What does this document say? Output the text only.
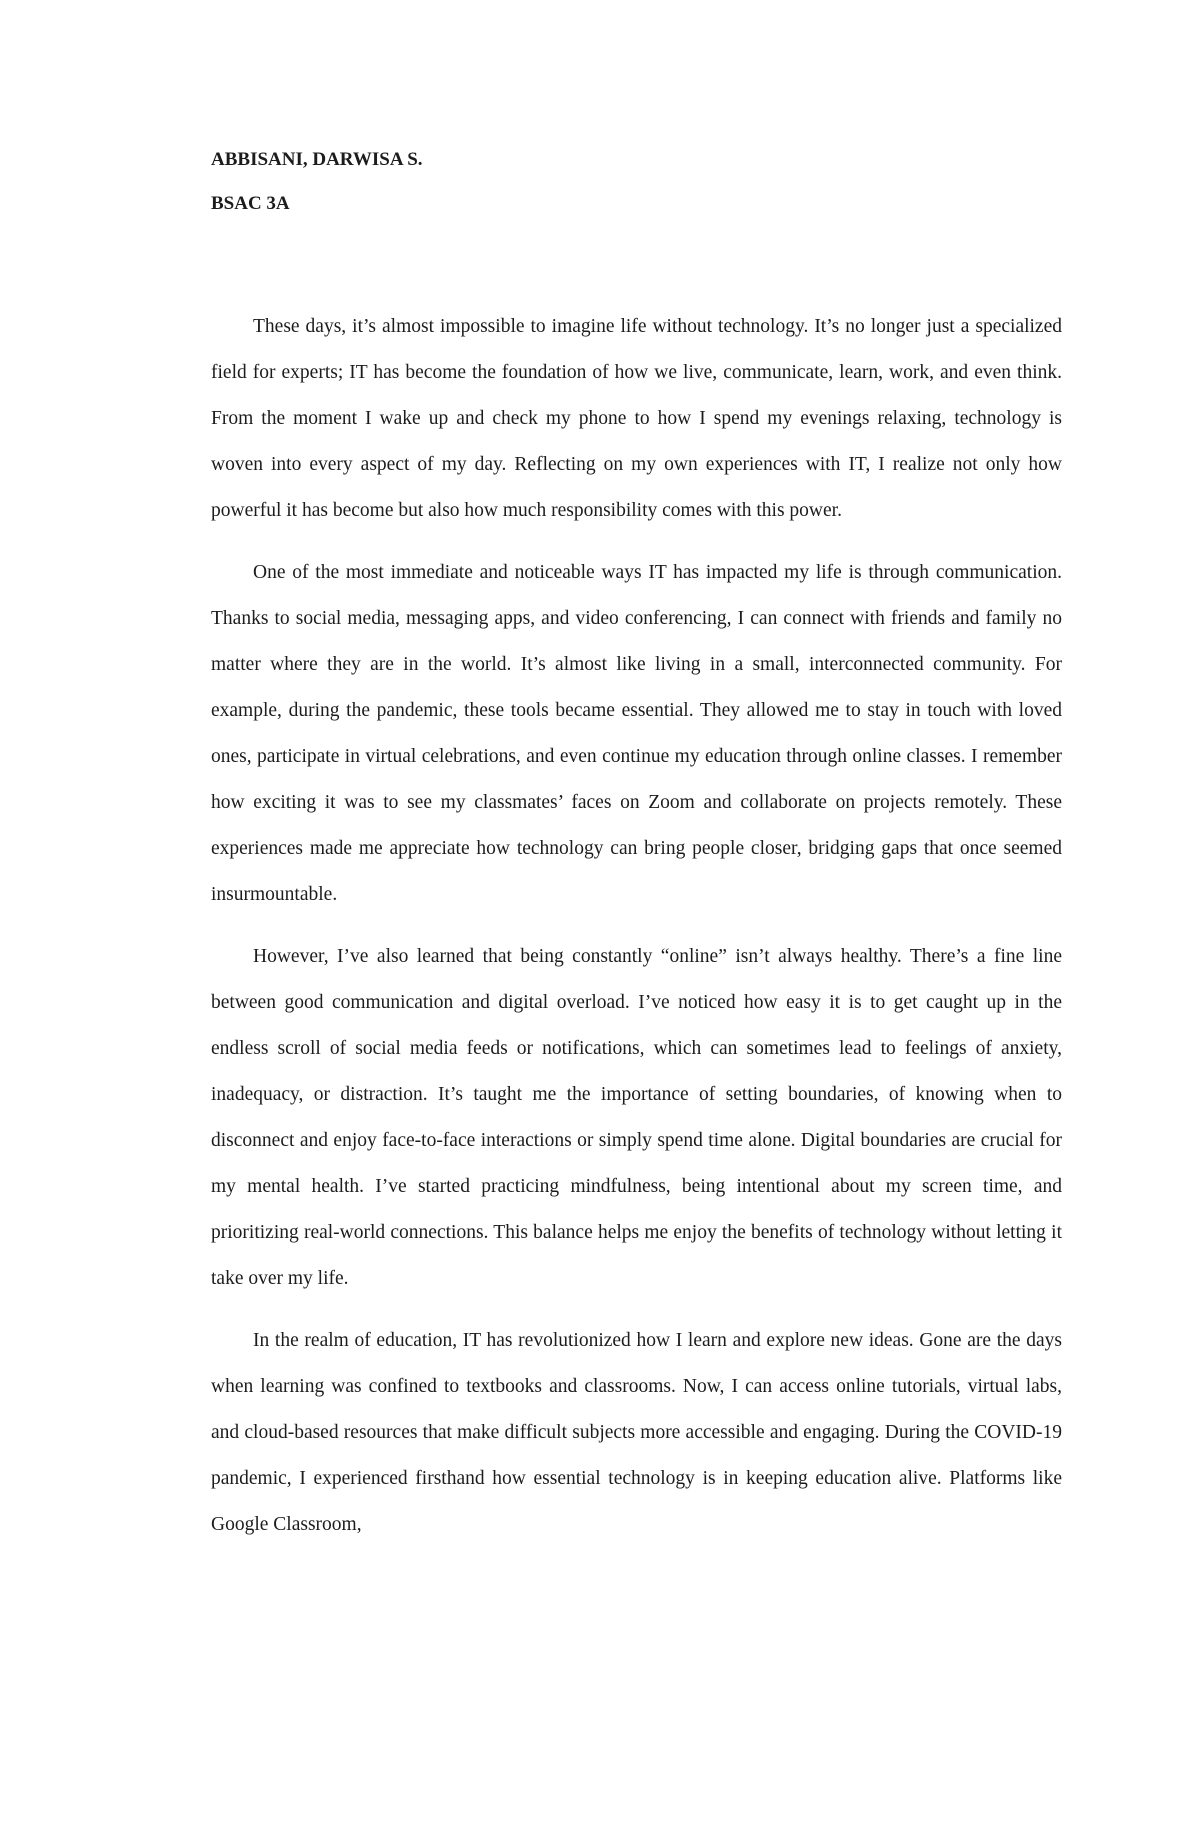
ABBISANI, DARWISA S.
BSAC 3A

These days, it’s almost impossible to imagine life without technology. It’s no longer just a specialized field for experts; IT has become the foundation of how we live, communicate, learn, work, and even think. From the moment I wake up and check my phone to how I spend my evenings relaxing, technology is woven into every aspect of my day. Reflecting on my own experiences with IT, I realize not only how powerful it has become but also how much responsibility comes with this power.

One of the most immediate and noticeable ways IT has impacted my life is through communication. Thanks to social media, messaging apps, and video conferencing, I can connect with friends and family no matter where they are in the world. It’s almost like living in a small, interconnected community. For example, during the pandemic, these tools became essential. They allowed me to stay in touch with loved ones, participate in virtual celebrations, and even continue my education through online classes. I remember how exciting it was to see my classmates’ faces on Zoom and collaborate on projects remotely. These experiences made me appreciate how technology can bring people closer, bridging gaps that once seemed insurmountable.

However, I’ve also learned that being constantly “online” isn’t always healthy. There’s a fine line between good communication and digital overload. I’ve noticed how easy it is to get caught up in the endless scroll of social media feeds or notifications, which can sometimes lead to feelings of anxiety, inadequacy, or distraction. It’s taught me the importance of setting boundaries, of knowing when to disconnect and enjoy face-to-face interactions or simply spend time alone. Digital boundaries are crucial for my mental health. I’ve started practicing mindfulness, being intentional about my screen time, and prioritizing real-world connections. This balance helps me enjoy the benefits of technology without letting it take over my life.

In the realm of education, IT has revolutionized how I learn and explore new ideas. Gone are the days when learning was confined to textbooks and classrooms. Now, I can access online tutorials, virtual labs, and cloud-based resources that make difficult subjects more accessible and engaging. During the COVID-19 pandemic, I experienced firsthand how essential technology is in keeping education alive. Platforms like Google Classroom,
